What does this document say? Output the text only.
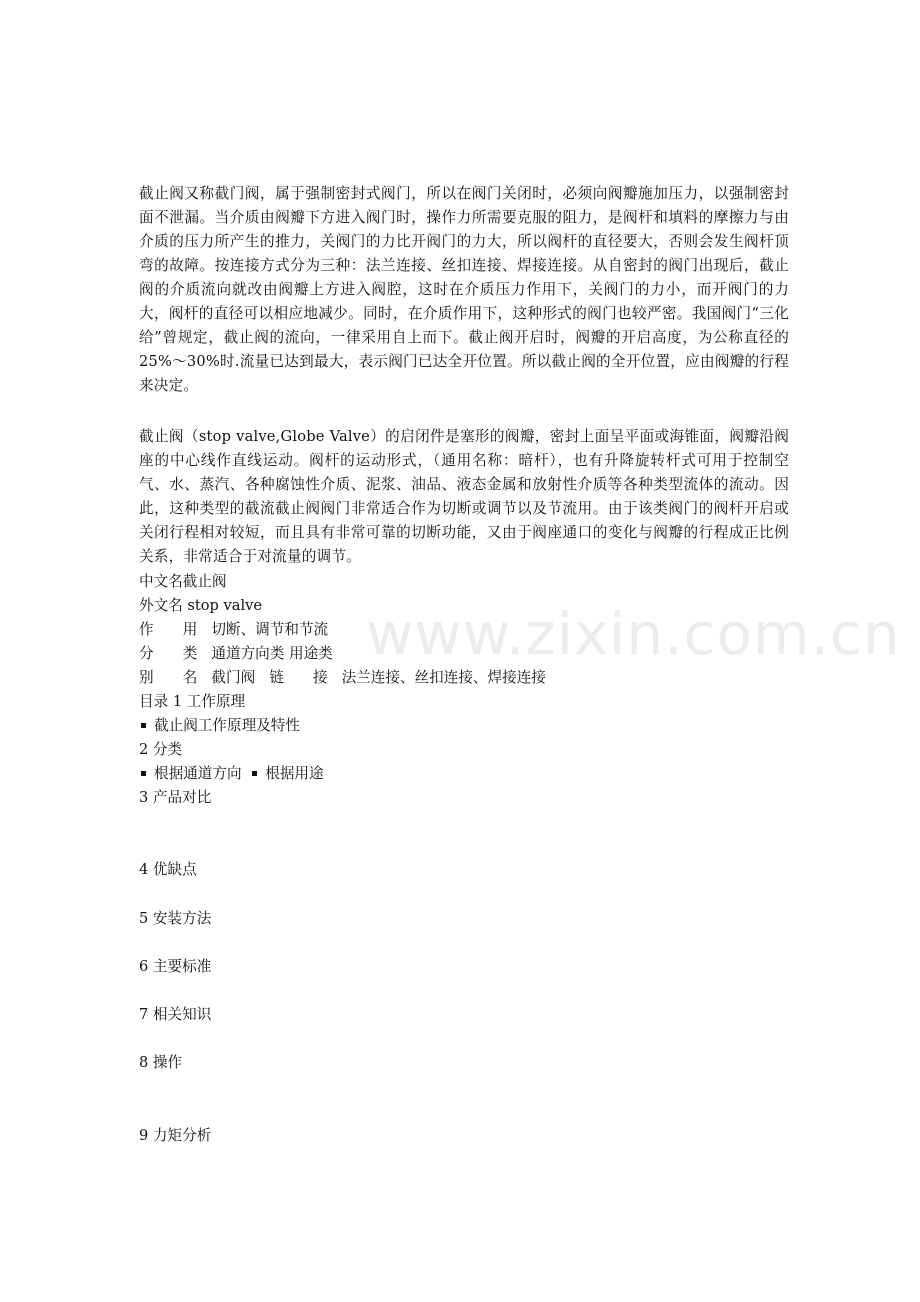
www.zixin.com.cn

截止阀又称截门阀，属于强制密封式阀门，所以在阀门关闭时，必须向阀瓣施加压力，以强制密封面不泄漏。当介质由阀瓣下方进入阀门时，操作力所需要克服的阻力，是阀杆和填料的摩擦力与由介质的压力所产生的推力，关阀门的力比开阀门的力大，所以阀杆的直径要大，否则会发生阀杆顶弯的故障。按连接方式分为三种：法兰连接、丝扣连接、焊接连接。从自密封的阀门出现后，截止阀的介质流向就改由阀瓣上方进入阀腔，这时在介质压力作用下，关阀门的力小，而开阀门的力大，阀杆的直径可以相应地减少。同时，在介质作用下，这种形式的阀门也较严密。我国阀门“三化给”曾规定，截止阀的流向，一律采用自上而下。截止阀开启时，阀瓣的开启高度，为公称直径的 25%～30%时.流量已达到最大，表示阀门已达全开位置。所以截止阀的全开位置，应由阀瓣的行程来决定。

截止阀（stop valve,Globe Valve）的启闭件是塞形的阀瓣，密封上面呈平面或海锥面，阀瓣沿阀座的中心线作直线运动。阀杆的运动形式，（通用名称：暗杆），也有升降旋转杆式可用于控制空气、水、蒸汽、各种腐蚀性介质、泥浆、油品、液态金属和放射性介质等各种类型流体的流动。因此，这种类型的截流截止阀阀门非常适合作为切断或调节以及节流用。由于该类阀门的阀杆开启或关闭行程相对较短，而且具有非常可靠的切断功能，又由于阀座通口的变化与阀瓣的行程成正比例关系，非常适合于对流量的调节。

中文名截止阀

外文名 stop valve

作　　用 切断、调节和节流

分　　类 通道方向类 用途类

别　　名 截门阀 链　　接 法兰连接、丝扣连接、焊接连接

目录 1 工作原理

截止阀工作原理及特性

2 分类

根据通道方向 根据用途

3 产品对比

4 优缺点

5 安装方法

6 主要标准

7 相关知识

8 操作

9 力矩分析
